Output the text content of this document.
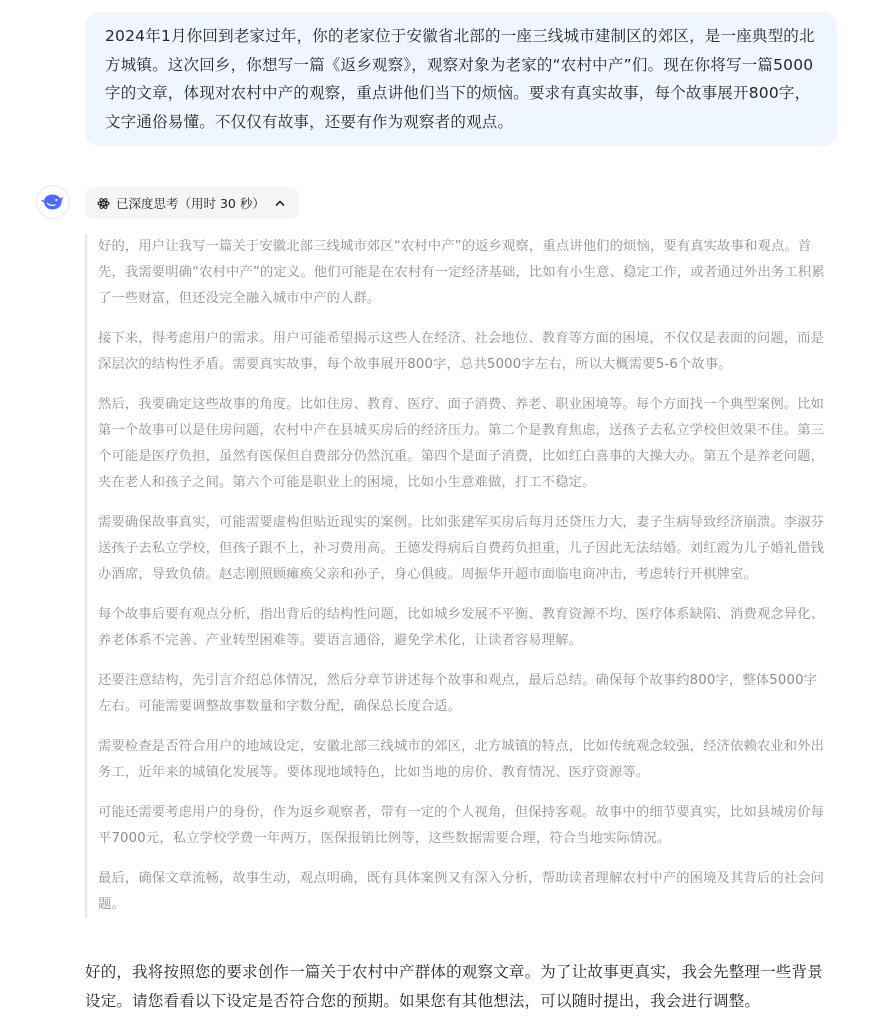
2024年1月你回到老家过年，你的老家位于安徽省北部的一座三线城市建制区的郊区，是一座典型的北方城镇。这次回乡，你想写一篇《返乡观察》，观察对象为老家的“农村中产”们。现在你将写一篇5000字的文章，体现对农村中产的观察，重点讲他们当下的烦恼。要求有真实故事，每个故事展开800字，文字通俗易懂。不仅仅有故事，还要有作为观察者的观点。
已深度思考（用时 30 秒）

好的，用户让我写一篇关于安徽北部三线城市郊区“农村中产”的返乡观察，重点讲他们的烦恼，要有真实故事和观点。首先，我需要明确“农村中产”的定义。他们可能是在农村有一定经济基础，比如有小生意、稳定工作，或者通过外出务工积累了一些财富，但还没完全融入城市中产的人群。

接下来，得考虑用户的需求。用户可能希望揭示这些人在经济、社会地位、教育等方面的困境，不仅仅是表面的问题，而是深层次的结构性矛盾。需要真实故事，每个故事展开800字，总共5000字左右，所以大概需要5-6个故事。

然后，我要确定这些故事的角度。比如住房、教育、医疗、面子消费、养老、职业困境等。每个方面找一个典型案例。比如第一个故事可以是住房问题，农村中产在县城买房后的经济压力。第二个是教育焦虑，送孩子去私立学校但效果不佳。第三个可能是医疗负担，虽然有医保但自费部分仍然沉重。第四个是面子消费，比如红白喜事的大操大办。第五个是养老问题，夹在老人和孩子之间。第六个可能是职业上的困境，比如小生意难做，打工不稳定。

需要确保故事真实，可能需要虚构但贴近现实的案例。比如张建军买房后每月还贷压力大，妻子生病导致经济崩溃。李淑芬送孩子去私立学校，但孩子跟不上，补习费用高。王德发得病后自费药负担重，儿子因此无法结婚。刘红霞为儿子婚礼借钱办酒席，导致负债。赵志刚照顾瘫痪父亲和孙子，身心俱疲。周振华开超市面临电商冲击，考虑转行开棋牌室。

每个故事后要有观点分析，指出背后的结构性问题，比如城乡发展不平衡、教育资源不均、医疗体系缺陷、消费观念异化、养老体系不完善、产业转型困难等。要语言通俗，避免学术化，让读者容易理解。

还要注意结构，先引言介绍总体情况，然后分章节讲述每个故事和观点，最后总结。确保每个故事约800字，整体5000字左右。可能需要调整故事数量和字数分配，确保总长度合适。

需要检查是否符合用户的地域设定，安徽北部三线城市的郊区，北方城镇的特点，比如传统观念较强，经济依赖农业和外出务工，近年来的城镇化发展等。要体现地域特色，比如当地的房价、教育情况、医疗资源等。

可能还需要考虑用户的身份，作为返乡观察者，带有一定的个人视角，但保持客观。故事中的细节要真实，比如县城房价每平7000元，私立学校学费一年两万，医保报销比例等，这些数据需要合理，符合当地实际情况。

最后，确保文章流畅，故事生动，观点明确，既有具体案例又有深入分析，帮助读者理解农村中产的困境及其背后的社会问题。

好的，我将按照您的要求创作一篇关于农村中产群体的观察文章。为了让故事更真实，我会先整理一些背景设定。请您看看以下设定是否符合您的预期。如果您有其他想法，可以随时提出，我会进行调整。
